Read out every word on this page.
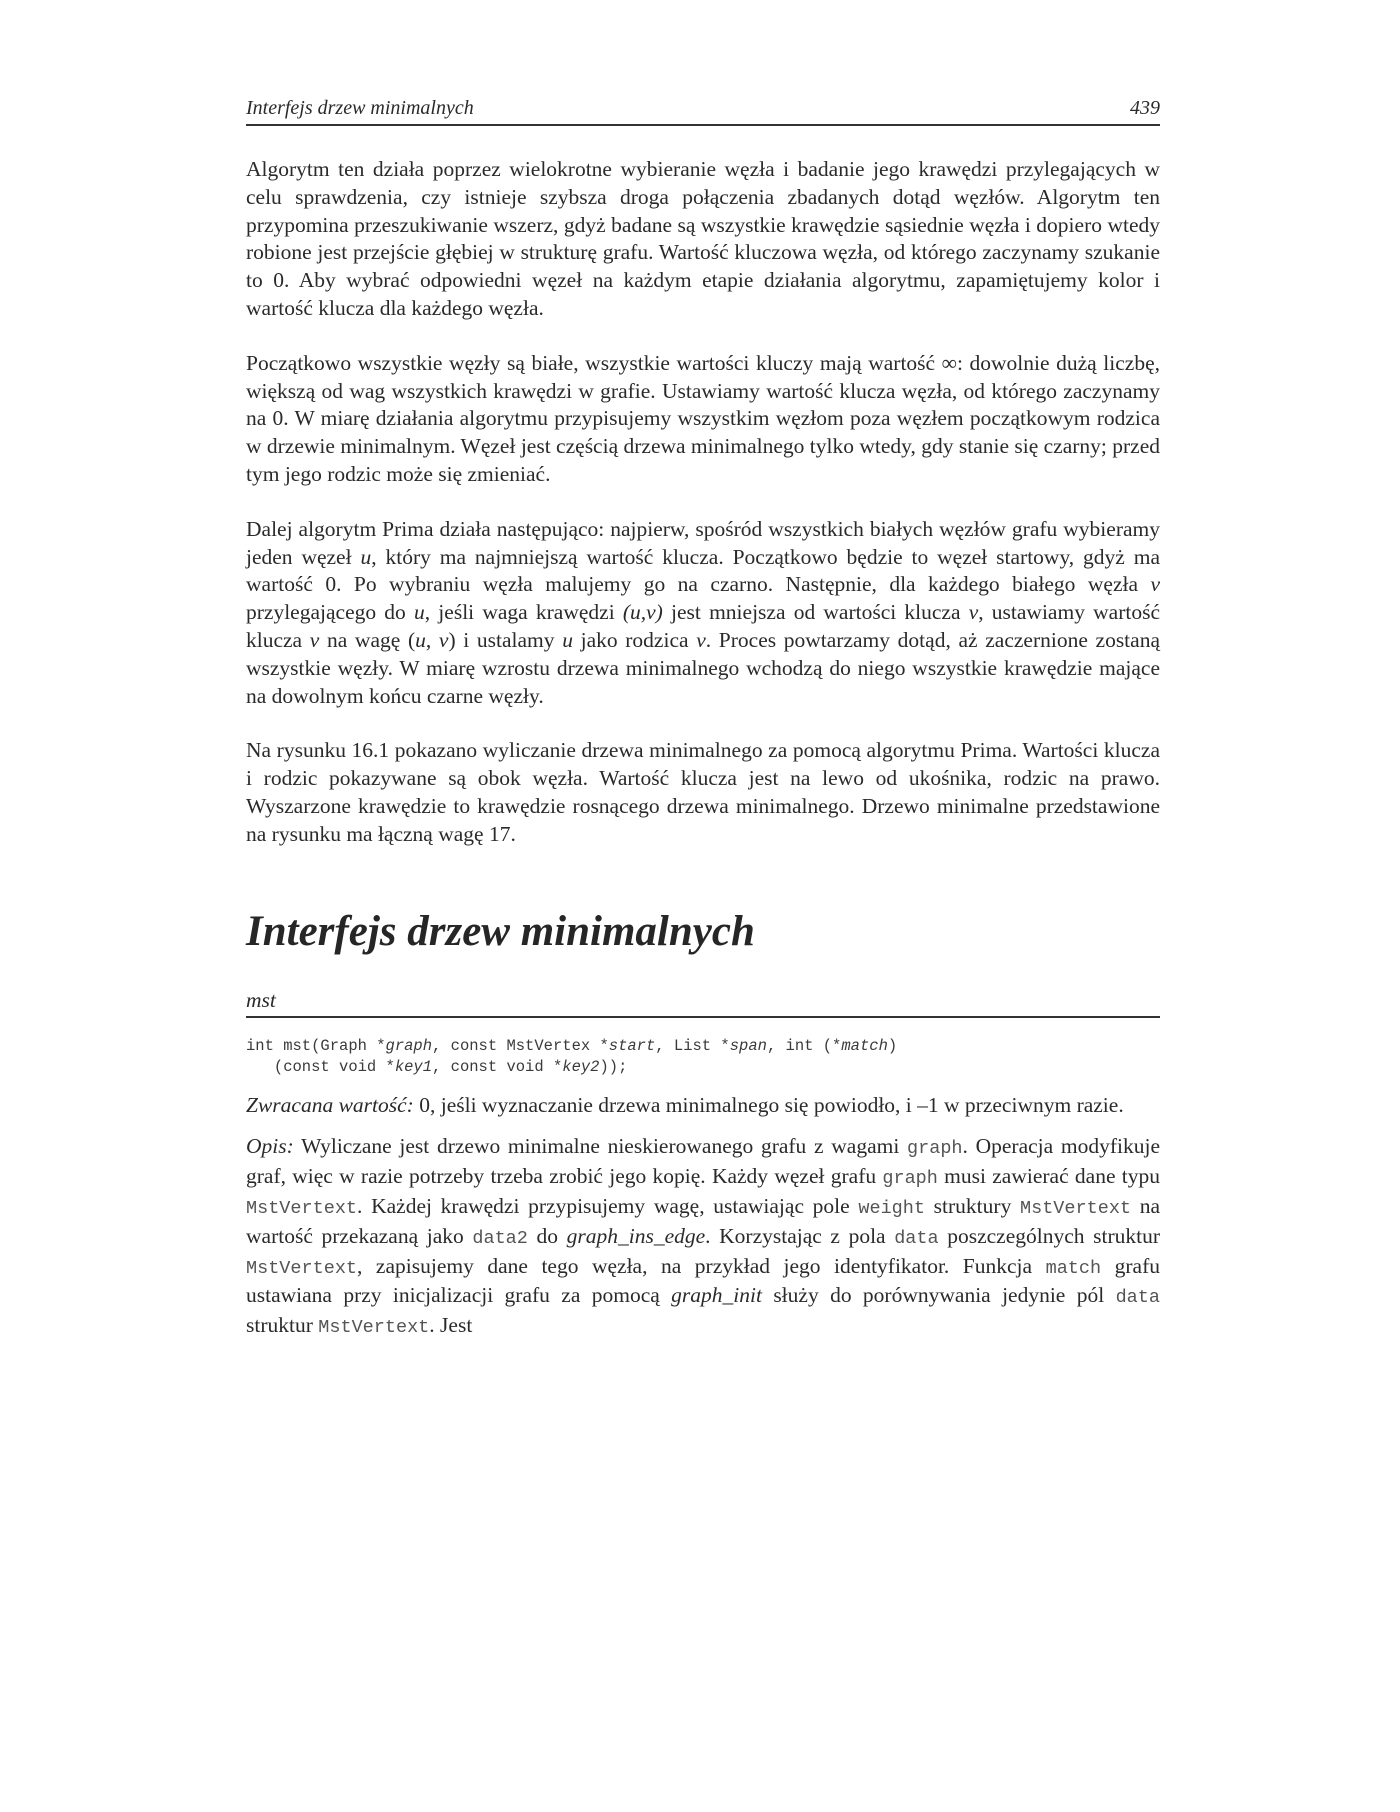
Interfejs drzew minimalnych	439

Algorytm ten działa poprzez wielokrotne wybieranie węzła i badanie jego krawędzi przylegających w celu sprawdzenia, czy istnieje szybsza droga połączenia zbadanych dotąd węzłów. Algorytm ten przypomina przeszukiwanie wszerz, gdyż badane są wszystkie krawędzie sąsiednie węzła i dopiero wtedy robione jest przejście głębiej w strukturę grafu. Wartość kluczowa węzła, od którego zaczynamy szukanie to 0. Aby wybrać odpowiedni węzeł na każdym etapie działania algorytmu, zapamiętujemy kolor i wartość klucza dla każdego węzła.

Początkowo wszystkie węzły są białe, wszystkie wartości kluczy mają wartość ∞: dowolnie dużą liczbę, większą od wag wszystkich krawędzi w grafie. Ustawiamy wartość klucza węzła, od którego zaczynamy na 0. W miarę działania algorytmu przypisujemy wszystkim węzłom poza węzłem początkowym rodzica w drzewie minimalnym. Węzeł jest częścią drzewa minimalnego tylko wtedy, gdy stanie się czarny; przed tym jego rodzic może się zmieniać.

Dalej algorytm Prima działa następująco: najpierw, spośród wszystkich białych węzłów grafu wybieramy jeden węzeł u, który ma najmniejszą wartość klucza. Początkowo będzie to węzeł startowy, gdyż ma wartość 0. Po wybraniu węzła malujemy go na czarno. Następnie, dla każdego białego węzła v przylegającego do u, jeśli waga krawędzi (u,v) jest mniejsza od wartości klucza v, ustawiamy wartość klucza v na wagę (u, v) i ustalamy u jako rodzica v. Proces powtarzamy dotąd, aż zaczernione zostaną wszystkie węzły. W miarę wzrostu drzewa minimalnego wchodzą do niego wszystkie krawędzie mające na dowolnym końcu czarne węzły.

Na rysunku 16.1 pokazano wyliczanie drzewa minimalnego za pomocą algorytmu Prima. Wartości klucza i rodzic pokazywane są obok węzła. Wartość klucza jest na lewo od ukośnika, rodzic na prawo. Wyszarzone krawędzie to krawędzie rosnącego drzewa minimalnego. Drzewo minimalne przedstawione na rysunku ma łączną wagę 17.

Interfejs drzew minimalnych
mst
int mst(Graph *graph, const MstVertex *start, List *span, int (*match)
(const void *key1, const void *key2));

Zwracana wartość: 0, jeśli wyznaczanie drzewa minimalnego się powiodło, i –1 w przeciwnym razie.

Opis: Wyliczane jest drzewo minimalne nieskierowanego grafu z wagami graph. Operacja modyfikuje graf, więc w razie potrzeby trzeba zrobić jego kopię. Każdy węzeł grafu graph musi zawierać dane typu MstVertext. Każdej krawędzi przypisujemy wagę, ustawiając pole weight struktury MstVertext na wartość przekazaną jako data2 do graph_ins_edge. Korzystając z pola data poszczególnych struktur MstVertext, zapisujemy dane tego węzła, na przykład jego identyfikator. Funkcja match grafu ustawiana przy inicjalizacji grafu za pomocą graph_init służy do porównywania jedynie pól data struktur MstVertext. Jest
